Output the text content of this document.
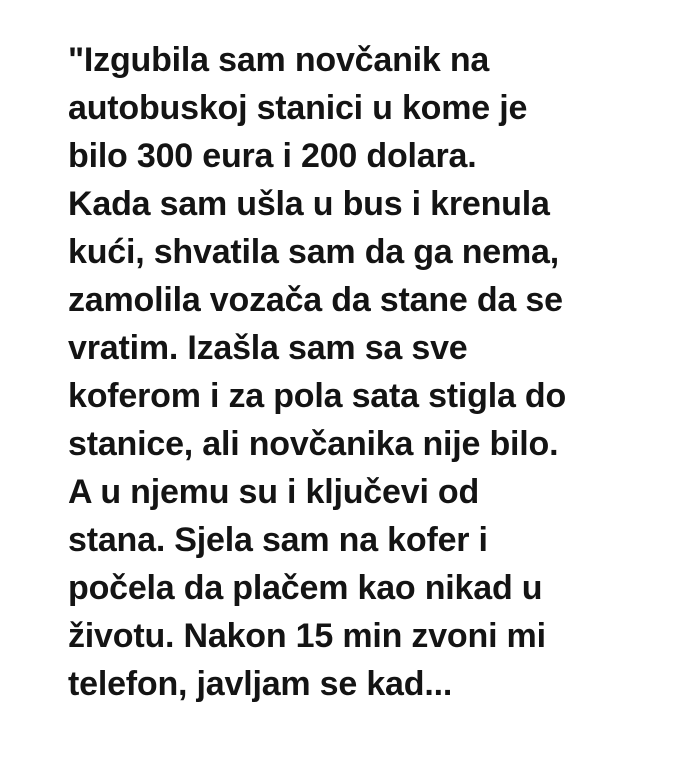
"Izgubila sam novčanik na
autobuskoj stanici u kome je
bilo 300 eura i 200 dolara.
Kada sam ušla u bus i krenula
kući, shvatila sam da ga nema,
zamolila vozača da stane da se
vratim. Izašla sam sa sve
koferom i za pola sata stigla do
stanice, ali novčanika nije bilo.
A u njemu su i ključevi od
stana. Sjela sam na kofer i
počela da plačem kao nikad u
životu. Nakon 15 min zvoni mi
telefon, javljam se kad...
